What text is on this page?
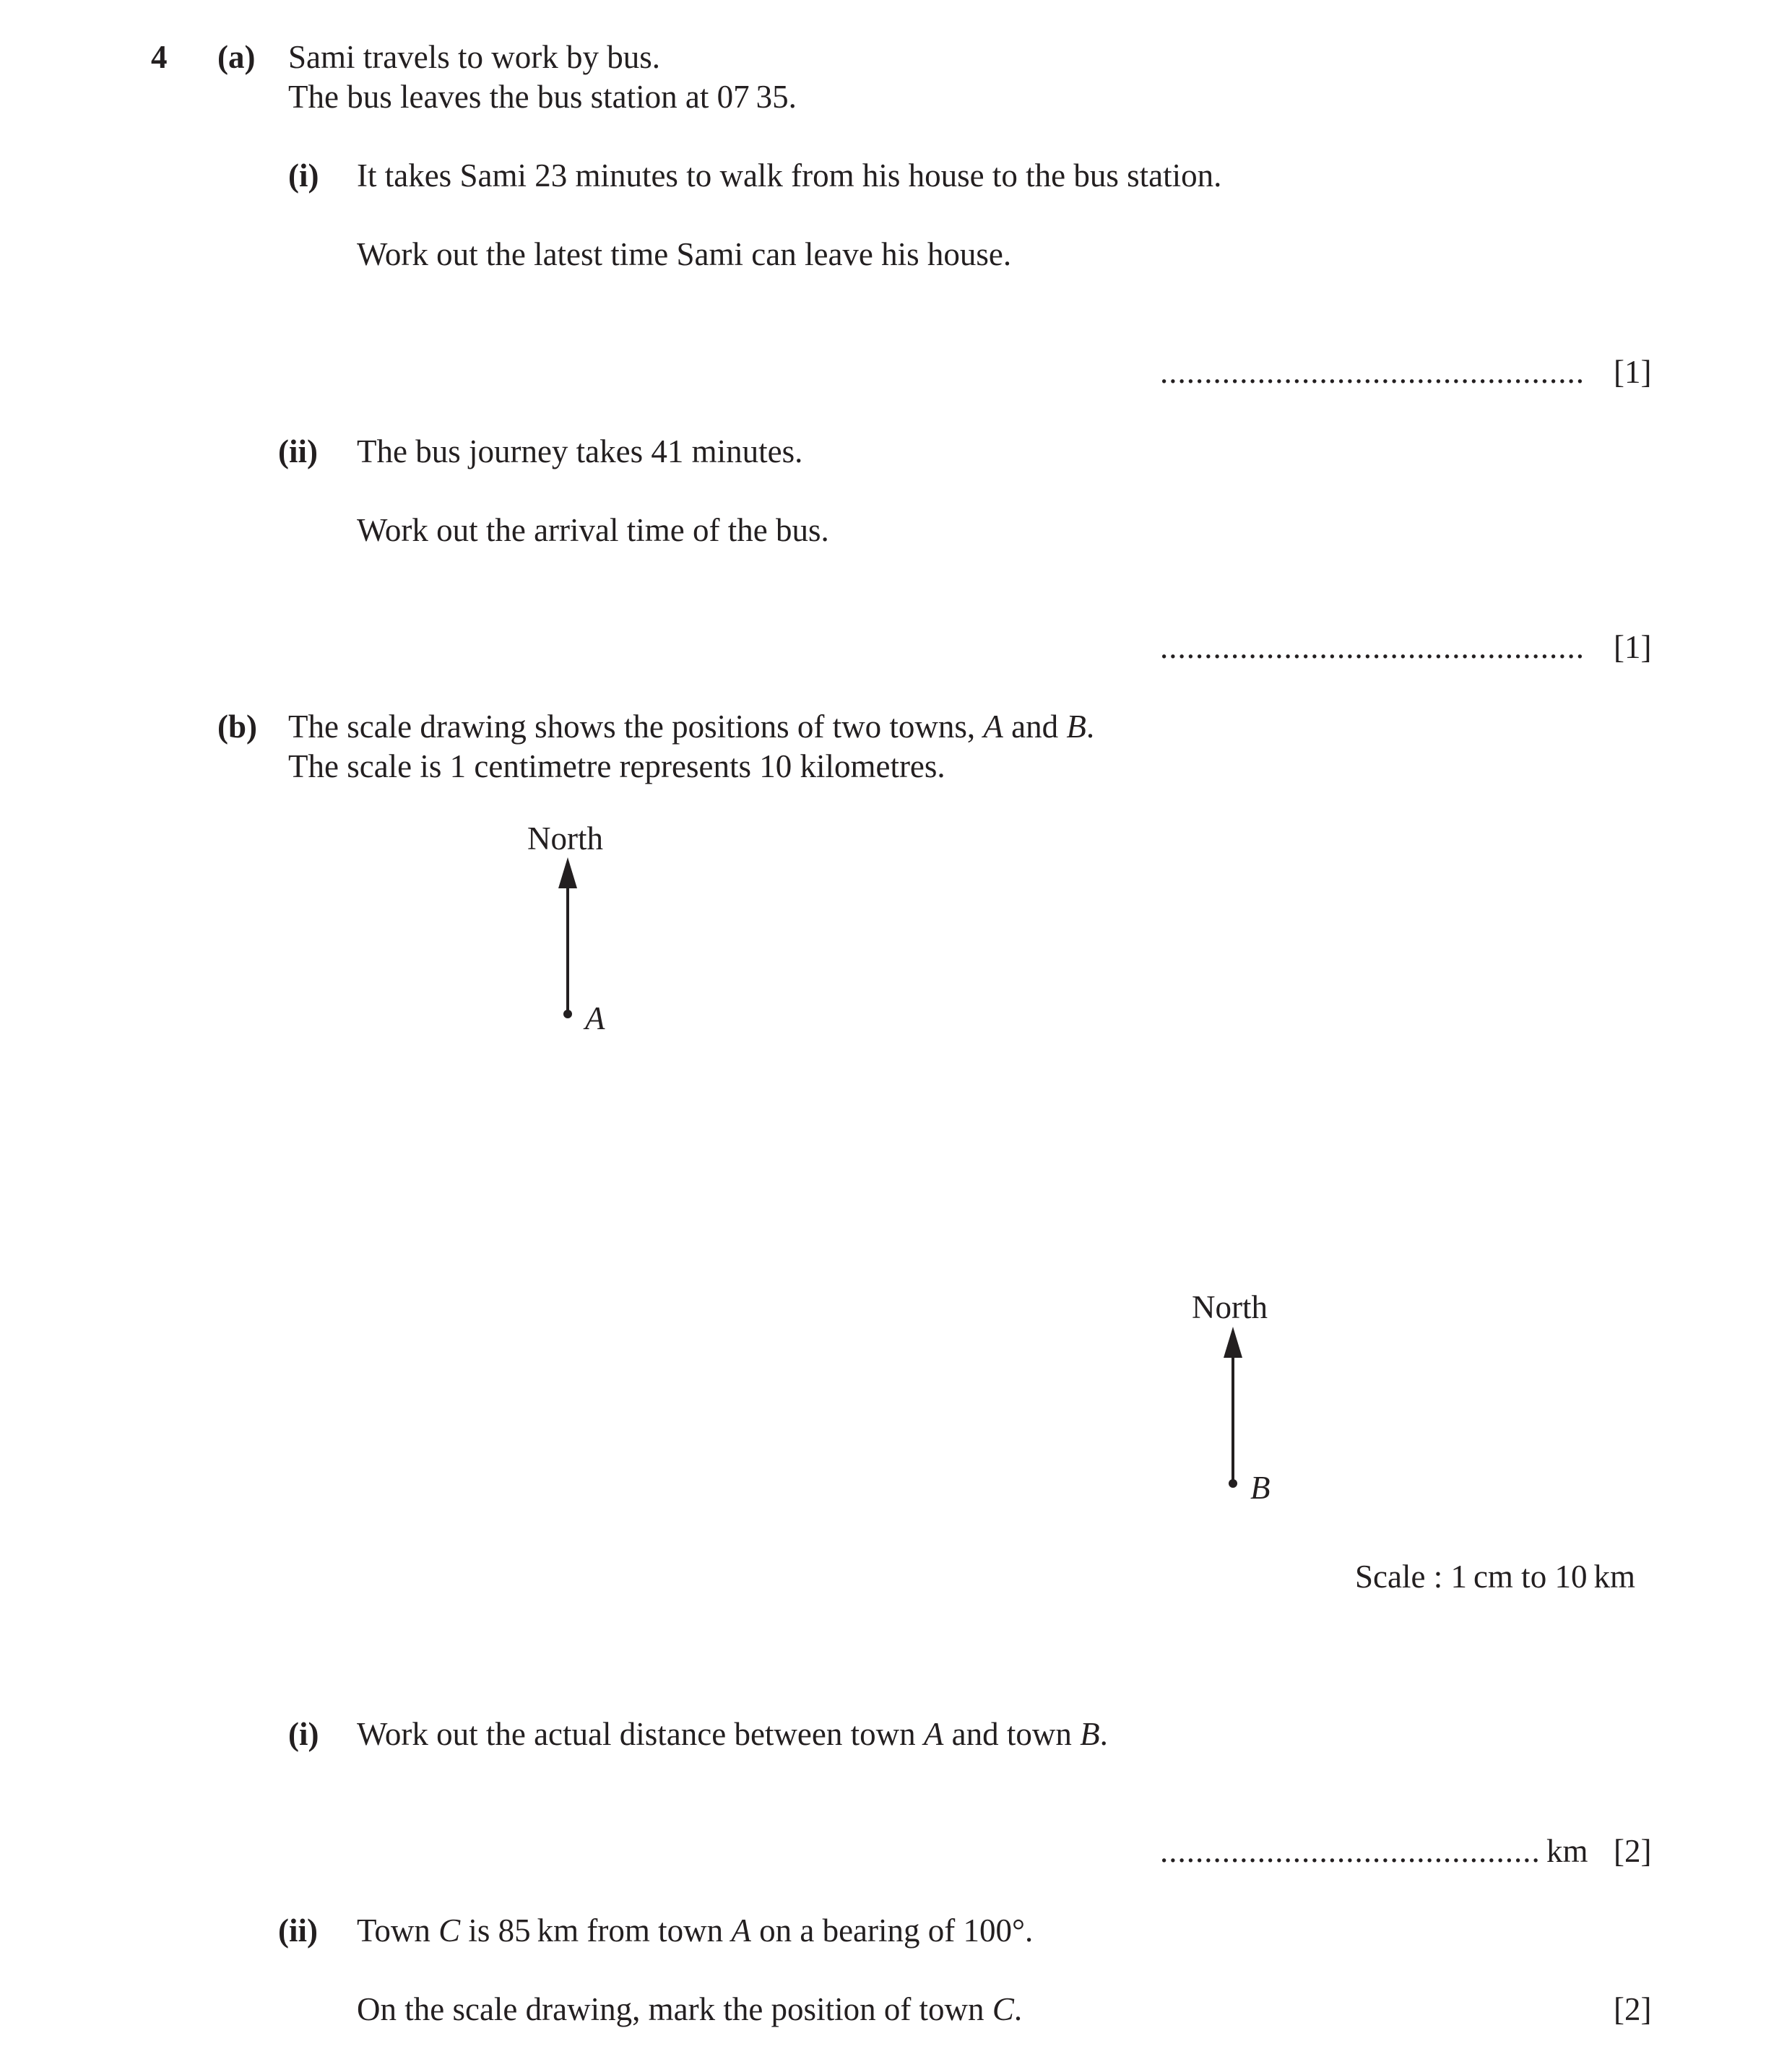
4 (a) Sami travels to work by bus.
The bus leaves the bus station at 07 35.
(i) It takes Sami 23 minutes to walk from his house to the bus station.
Work out the latest time Sami can leave his house.
................................................ [1]
(ii) The bus journey takes 41 minutes.
Work out the arrival time of the bus.
................................................ [1]
(b) The scale drawing shows the positions of two towns, A and B.
The scale is 1 centimetre represents 10 kilometres.
North
A
North
B
Scale : 1 cm to 10 km
(i) Work out the actual distance between town A and town B.
........................................... km [2]
(ii) Town C is 85 km from town A on a bearing of 100°.
On the scale drawing, mark the position of town C.	[2]
